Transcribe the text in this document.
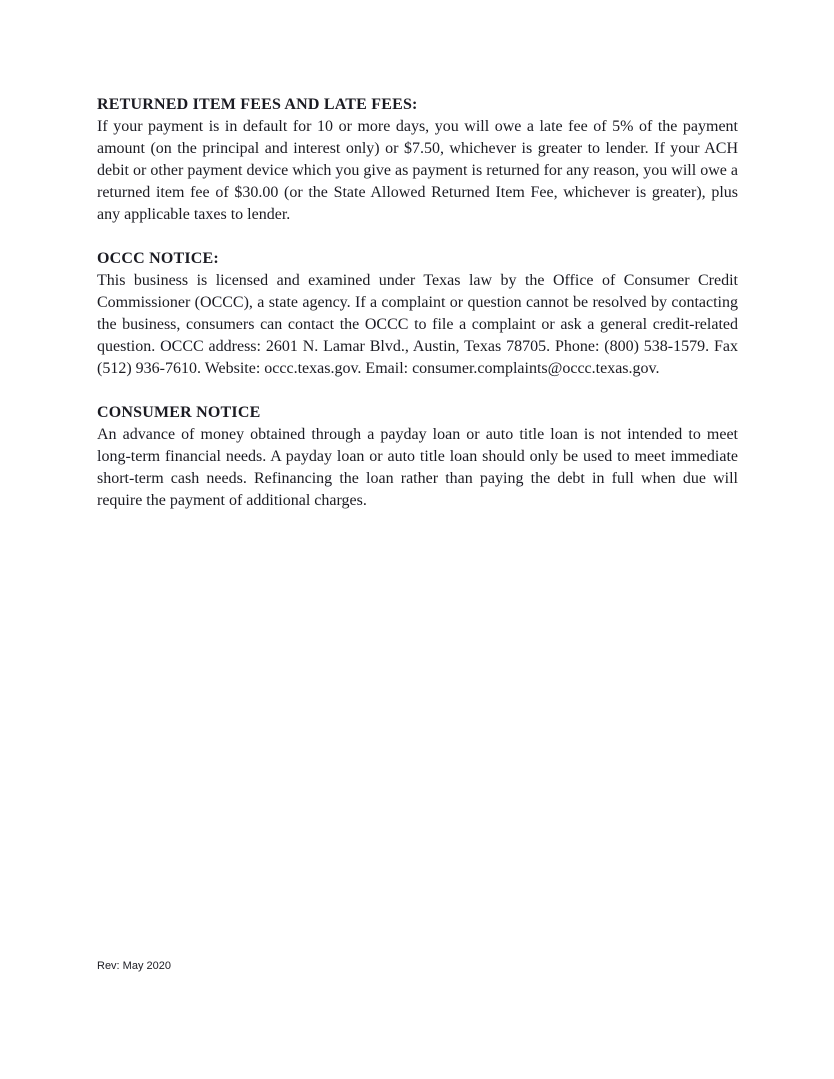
RETURNED ITEM FEES AND LATE FEES:

If your payment is in default for 10 or more days, you will owe a late fee of 5% of the payment amount (on the principal and interest only) or $7.50, whichever is greater to lender. If your ACH debit or other payment device which you give as payment is returned for any reason, you will owe a returned item fee of $30.00 (or the State Allowed Returned Item Fee, whichever is greater), plus any applicable taxes to lender.

OCCC NOTICE:

This business is licensed and examined under Texas law by the Office of Consumer Credit Commissioner (OCCC), a state agency. If a complaint or question cannot be resolved by contacting the business, consumers can contact the OCCC to file a complaint or ask a general credit-related question. OCCC address: 2601 N. Lamar Blvd., Austin, Texas 78705. Phone: (800) 538-1579. Fax (512) 936-7610. Website: occc.texas.gov. Email: consumer.complaints@occc.texas.gov.

CONSUMER NOTICE

An advance of money obtained through a payday loan or auto title loan is not intended to meet long-term financial needs. A payday loan or auto title loan should only be used to meet immediate short-term cash needs. Refinancing the loan rather than paying the debt in full when due will require the payment of additional charges.

Rev: May 2020
